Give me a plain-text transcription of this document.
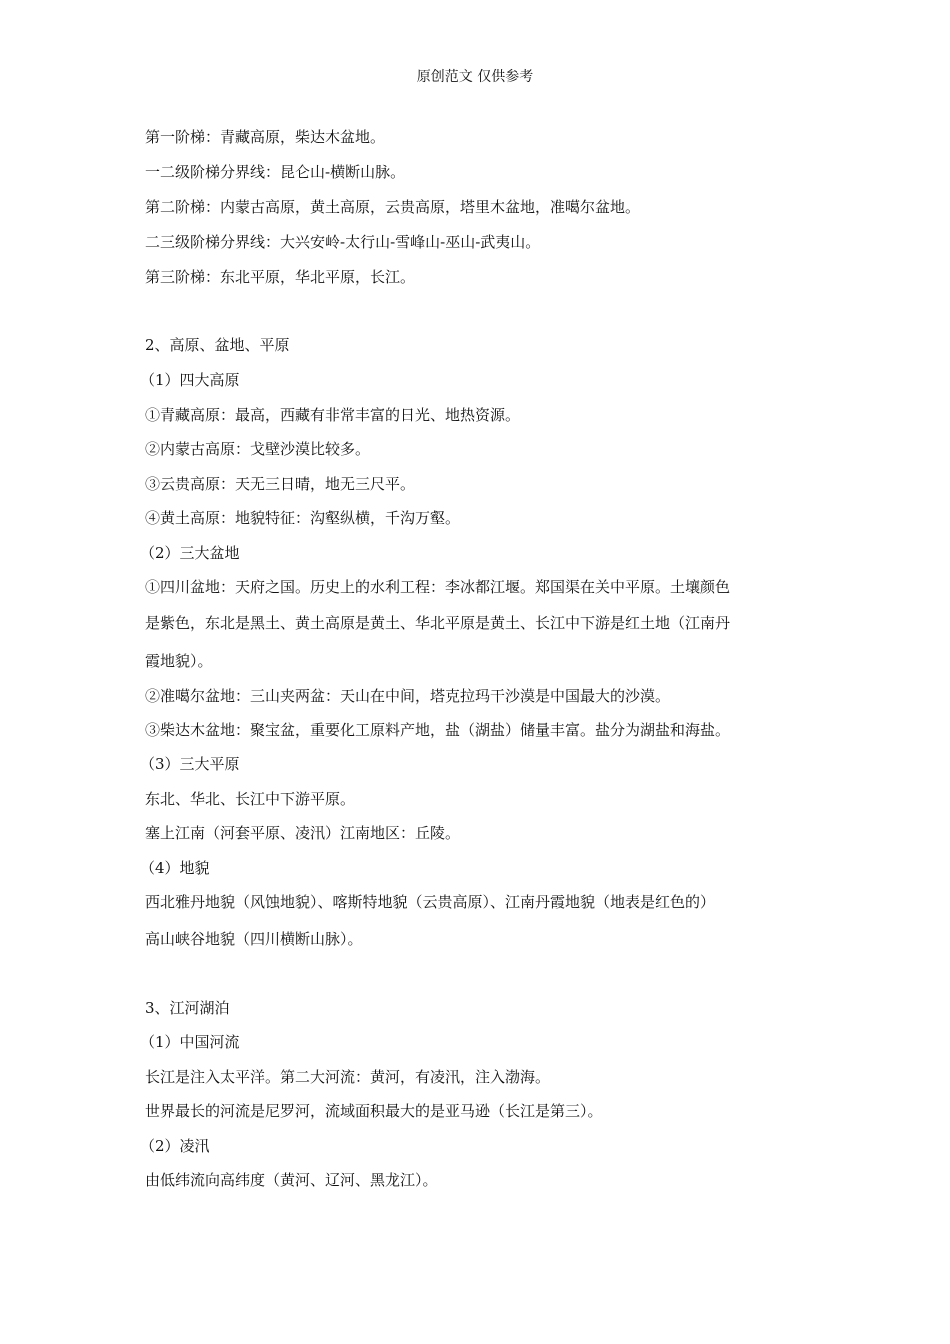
原创范文 仅供参考
第一阶梯：青藏高原，柴达木盆地。
一二级阶梯分界线：昆仑山-横断山脉。
第二阶梯：内蒙古高原，黄土高原，云贵高原，塔里木盆地，准噶尔盆地。
二三级阶梯分界线：大兴安岭-太行山-雪峰山-巫山-武夷山。
第三阶梯：东北平原，华北平原，长江。
2、高原、盆地、平原
（1）四大高原
①青藏高原：最高，西藏有非常丰富的日光、地热资源。
②内蒙古高原：戈壁沙漠比较多。
③云贵高原：天无三日晴，地无三尺平。
④黄土高原：地貌特征：沟壑纵横，千沟万壑。
（2）三大盆地
①四川盆地：天府之国。历史上的水利工程：李冰都江堰。郑国渠在关中平原。土壤颜色
是紫色，东北是黑土、黄土高原是黄土、华北平原是黄土、长江中下游是红土地（江南丹
霞地貌）。
②准噶尔盆地：三山夹两盆：天山在中间，塔克拉玛干沙漠是中国最大的沙漠。
③柴达木盆地：聚宝盆，重要化工原料产地，盐（湖盐）储量丰富。盐分为湖盐和海盐。
（3）三大平原
东北、华北、长江中下游平原。
塞上江南（河套平原、凌汛）江南地区：丘陵。
（4）地貌
西北雅丹地貌（风蚀地貌）、喀斯特地貌（云贵高原）、江南丹霞地貌（地表是红色的）
高山峡谷地貌（四川横断山脉）。
3、江河湖泊
（1）中国河流
长江是注入太平洋。第二大河流：黄河，有凌汛，注入渤海。
世界最长的河流是尼罗河，流域面积最大的是亚马逊（长江是第三）。
（2）凌汛
由低纬流向高纬度（黄河、辽河、黑龙江）。
